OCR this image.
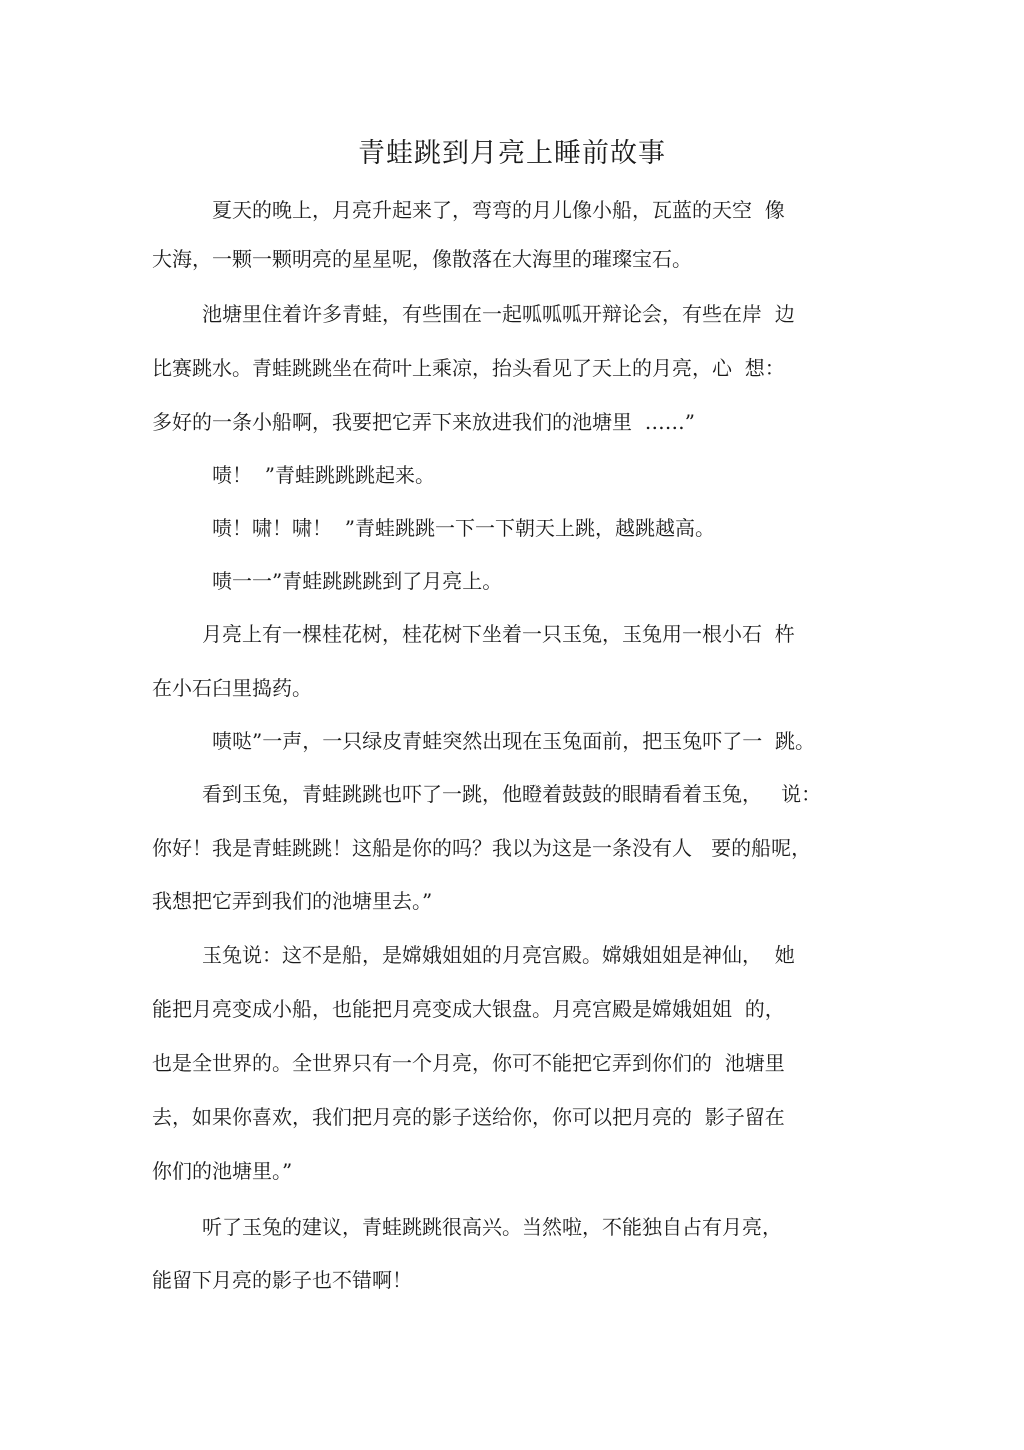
青蛙跳到月亮上睡前故事
夏天的晚上，月亮升起来了，弯弯的月儿像小船，瓦蓝的天空  像
大海，一颗一颗明亮的星星呢，像散落在大海里的璀璨宝石。
池塘里住着许多青蛙，有些围在一起呱呱呱开辩论会，有些在岸  边
比赛跳水。青蛙跳跳坐在荷叶上乘凉，抬头看见了天上的月亮，心  想：
多好的一条小船啊，我要把它弄下来放进我们的池塘里  ……”
啧！  ”青蛙跳跳跳起来。
啧！啸！啸！  ”青蛙跳跳一下一下朝天上跳，越跳越高。
啧一一”青蛙跳跳跳到了月亮上。
月亮上有一棵桂花树，桂花树下坐着一只玉兔，玉兔用一根小石  杵
在小石臼里捣药。
啧哒”一声，一只绿皮青蛙突然出现在玉兔面前，把玉兔吓了一  跳。
看到玉兔，青蛙跳跳也吓了一跳，他瞪着鼓鼓的眼睛看着玉兔，   说：
你好！我是青蛙跳跳！这船是你的吗？我以为这是一条没有人   要的船呢，
我想把它弄到我们的池塘里去。”
玉兔说：这不是船，是嫦娥姐姐的月亮宫殿。嫦娥姐姐是神仙，  她
能把月亮变成小船，也能把月亮变成大银盘。月亮宫殿是嫦娥姐姐  的，
也是全世界的。全世界只有一个月亮，你可不能把它弄到你们的  池塘里
去，如果你喜欢，我们把月亮的影子送给你，你可以把月亮的  影子留在
你们的池塘里。”
听了玉兔的建议，青蛙跳跳很高兴。当然啦，不能独自占有月亮，
能留下月亮的影子也不错啊！
